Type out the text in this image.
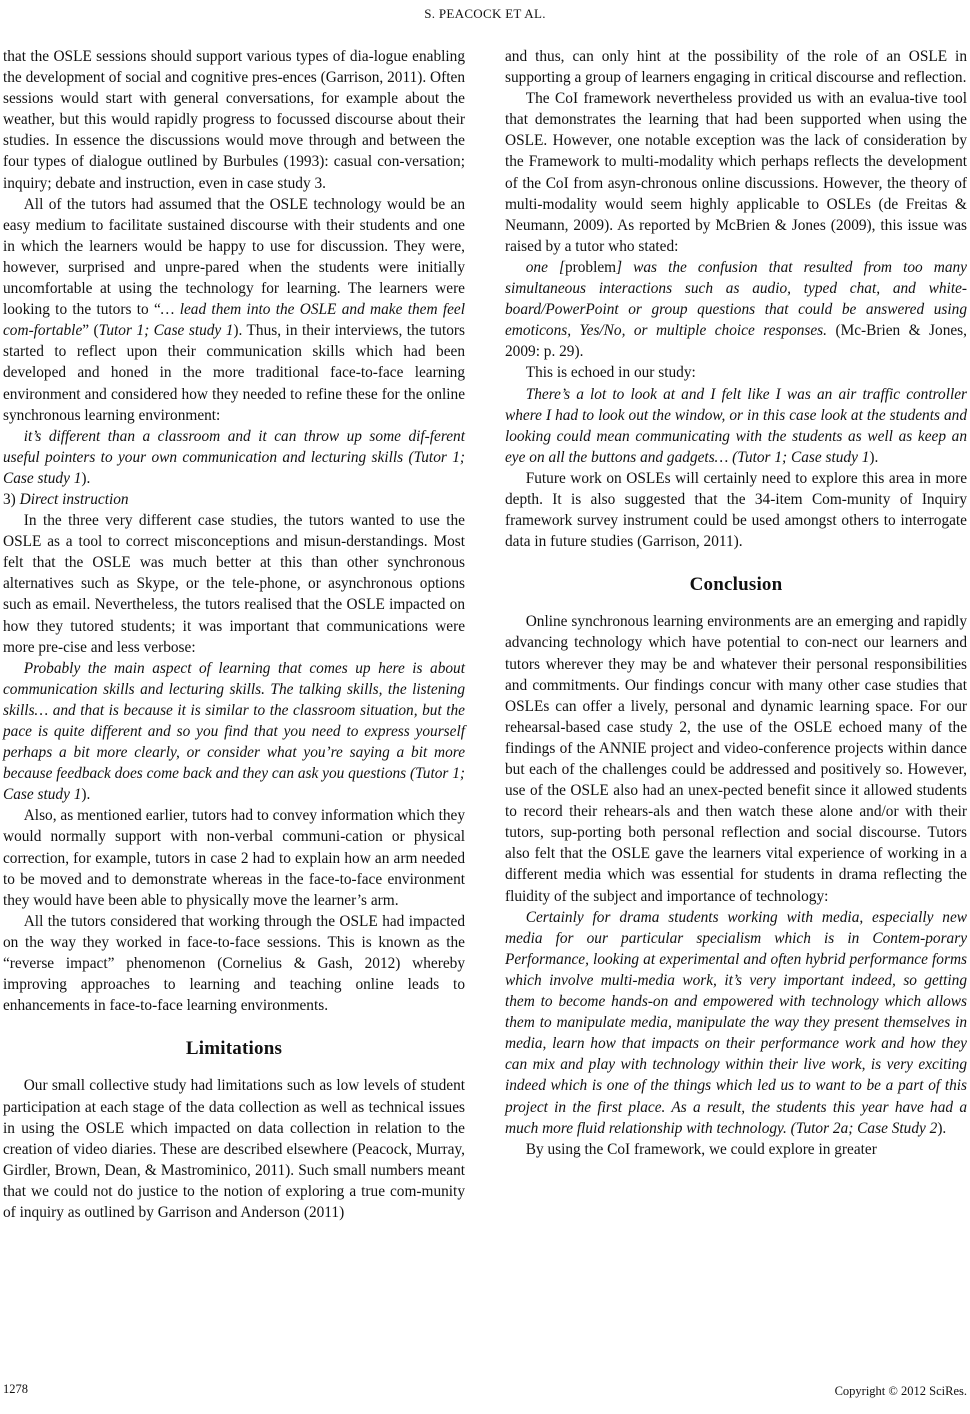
S. PEACOCK ET AL.

that the OSLE sessions should support various types of dia-logue enabling the development of social and cognitive pres-ences (Garrison, 2011). Often sessions would start with general conversations, for example about the weather, but this would rapidly progress to focussed discourse about their studies. In essence the discussions would move through and between the four types of dialogue outlined by Burbules (1993): casual con-versation; inquiry; debate and instruction, even in case study 3.

All of the tutors had assumed that the OSLE technology would be an easy medium to facilitate sustained discourse with their students and one in which the learners would be happy to use for discussion. They were, however, surprised and unpre-pared when the students were initially uncomfortable at using the technology for learning. The learners were looking to the tutors to “… lead them into the OSLE and make them feel com-fortable” (Tutor 1; Case study 1). Thus, in their interviews, the tutors started to reflect upon their communication skills which had been developed and honed in the more traditional face-to-face learning environment and considered how they needed to refine these for the online synchronous learning environment:

it’s different than a classroom and it can throw up some dif-ferent useful pointers to your own communication and lecturing skills (Tutor 1; Case study 1).

3) Direct instruction

In the three very different case studies, the tutors wanted to use the OSLE as a tool to correct misconceptions and misun-derstandings. Most felt that the OSLE was much better at this than other synchronous alternatives such as Skype, or the tele-phone, or asynchronous options such as email. Nevertheless, the tutors realised that the OSLE impacted on how they tutored students; it was important that communications were more pre-cise and less verbose:

Probably the main aspect of learning that comes up here is about communication skills and lecturing skills. The talking skills, the listening skills… and that is because it is similar to the classroom situation, but the pace is quite different and so you find that you need to express yourself perhaps a bit more clearly, or consider what you’re saying a bit more because feedback does come back and they can ask you questions (Tutor 1; Case study 1).

Also, as mentioned earlier, tutors had to convey information which they would normally support with non-verbal communi-cation or physical correction, for example, tutors in case 2 had to explain how an arm needed to be moved and to demonstrate whereas in the face-to-face environment they would have been able to physically move the learner’s arm.

All the tutors considered that working through the OSLE had impacted on the way they worked in face-to-face sessions. This is known as the “reverse impact” phenomenon (Cornelius & Gash, 2012) whereby improving approaches to learning and teaching online leads to enhancements in face-to-face learning environments.

Limitations

Our small collective study had limitations such as low levels of student participation at each stage of the data collection as well as technical issues in using the OSLE which impacted on data collection in relation to the creation of video diaries. These are described elsewhere (Peacock, Murray, Girdler, Brown, Dean, & Mastrominico, 2011). Such small numbers meant that we could not do justice to the notion of exploring a true com-munity of inquiry as outlined by Garrison and Anderson (2011)

and thus, can only hint at the possibility of the role of an OSLE in supporting a group of learners engaging in critical discourse and reflection.

The CoI framework nevertheless provided us with an evalua-tive tool that demonstrates the learning that had been supported when using the OSLE. However, one notable exception was the lack of consideration by the Framework to multi-modality which perhaps reflects the development of the CoI from asyn-chronous online discussions. However, the theory of multi-modality would seem highly applicable to OSLEs (de Freitas & Neumann, 2009). As reported by McBrien & Jones (2009), this issue was raised by a tutor who stated:

one [problem] was the confusion that resulted from too many simultaneous interactions such as audio, typed chat, and white-board/PowerPoint or group questions that could be answered using emoticons, Yes/No, or multiple choice responses. (Mc-Brien & Jones, 2009: p. 29).

This is echoed in our study:

There’s a lot to look at and I felt like I was an air traffic controller where I had to look out the window, or in this case look at the students and looking could mean communicating with the students as well as keep an eye on all the buttons and gadgets… (Tutor 1; Case study 1).

Future work on OSLEs will certainly need to explore this area in more depth. It is also suggested that the 34-item Com-munity of Inquiry framework survey instrument could be used amongst others to interrogate data in future studies (Garrison, 2011).

Conclusion

Online synchronous learning environments are an emerging and rapidly advancing technology which have potential to con-nect our learners and tutors wherever they may be and whatever their personal responsibilities and commitments. Our findings concur with many other case studies that OSLEs can offer a lively, personal and dynamic learning space. For our rehearsal-based case study 2, the use of the OSLE echoed many of the findings of the ANNIE project and video-conference projects within dance but each of the challenges could be addressed and positively so. However, use of the OSLE also had an unex-pected benefit since it allowed students to record their rehears-als and then watch these alone and/or with their tutors, sup-porting both personal reflection and social discourse. Tutors also felt that the OSLE gave the learners vital experience of working in a different media which was essential for students in drama reflecting the fluidity of the subject and importance of technology:

Certainly for drama students working with media, especially new media for our particular specialism which is in Contem-porary Performance, looking at experimental and often hybrid performance forms which involve multi-media work, it’s very important indeed, so getting them to become hands-on and empowered with technology which allows them to manipulate media, manipulate the way they present themselves in media, learn how that impacts on their performance work and how they can mix and play with technology within their live work, is very exciting indeed which is one of the things which led us to want to be a part of this project in the first place. As a result, the students this year have had a much more fluid relationship with technology. (Tutor 2a; Case Study 2).

By using the CoI framework, we could explore in greater

1278	Copyright © 2012 SciRes.
